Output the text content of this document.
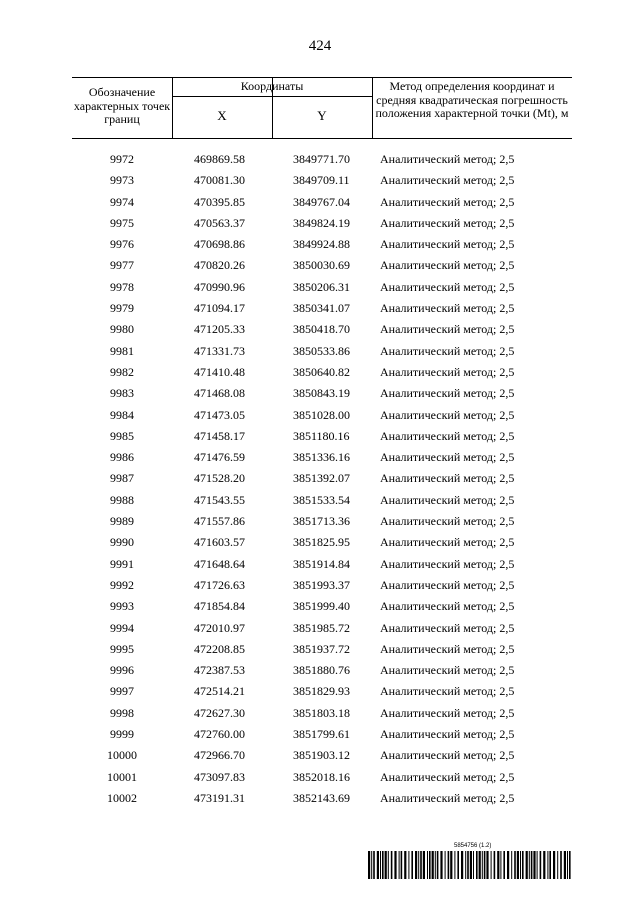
424
Обозначение характерных точек границ
Координаты
X	Y
Метод определения координат и средняя квадратическая погрешность положения характерной точки (Mt), м
9972	469869.58	3849771.70	Аналитический метод; 2,5
9973	470081.30	3849709.11	Аналитический метод; 2,5
9974	470395.85	3849767.04	Аналитический метод; 2,5
9975	470563.37	3849824.19	Аналитический метод; 2,5
9976	470698.86	3849924.88	Аналитический метод; 2,5
9977	470820.26	3850030.69	Аналитический метод; 2,5
9978	470990.96	3850206.31	Аналитический метод; 2,5
9979	471094.17	3850341.07	Аналитический метод; 2,5
9980	471205.33	3850418.70	Аналитический метод; 2,5
9981	471331.73	3850533.86	Аналитический метод; 2,5
9982	471410.48	3850640.82	Аналитический метод; 2,5
9983	471468.08	3850843.19	Аналитический метод; 2,5
9984	471473.05	3851028.00	Аналитический метод; 2,5
9985	471458.17	3851180.16	Аналитический метод; 2,5
9986	471476.59	3851336.16	Аналитический метод; 2,5
9987	471528.20	3851392.07	Аналитический метод; 2,5
9988	471543.55	3851533.54	Аналитический метод; 2,5
9989	471557.86	3851713.36	Аналитический метод; 2,5
9990	471603.57	3851825.95	Аналитический метод; 2,5
9991	471648.64	3851914.84	Аналитический метод; 2,5
9992	471726.63	3851993.37	Аналитический метод; 2,5
9993	471854.84	3851999.40	Аналитический метод; 2,5
9994	472010.97	3851985.72	Аналитический метод; 2,5
9995	472208.85	3851937.72	Аналитический метод; 2,5
9996	472387.53	3851880.76	Аналитический метод; 2,5
9997	472514.21	3851829.93	Аналитический метод; 2,5
9998	472627.30	3851803.18	Аналитический метод; 2,5
9999	472760.00	3851799.61	Аналитический метод; 2,5
10000	472966.70	3851903.12	Аналитический метод; 2,5
10001	473097.83	3852018.16	Аналитический метод; 2,5
10002	473191.31	3852143.69	Аналитический метод; 2,5
5854756 (1.2)
